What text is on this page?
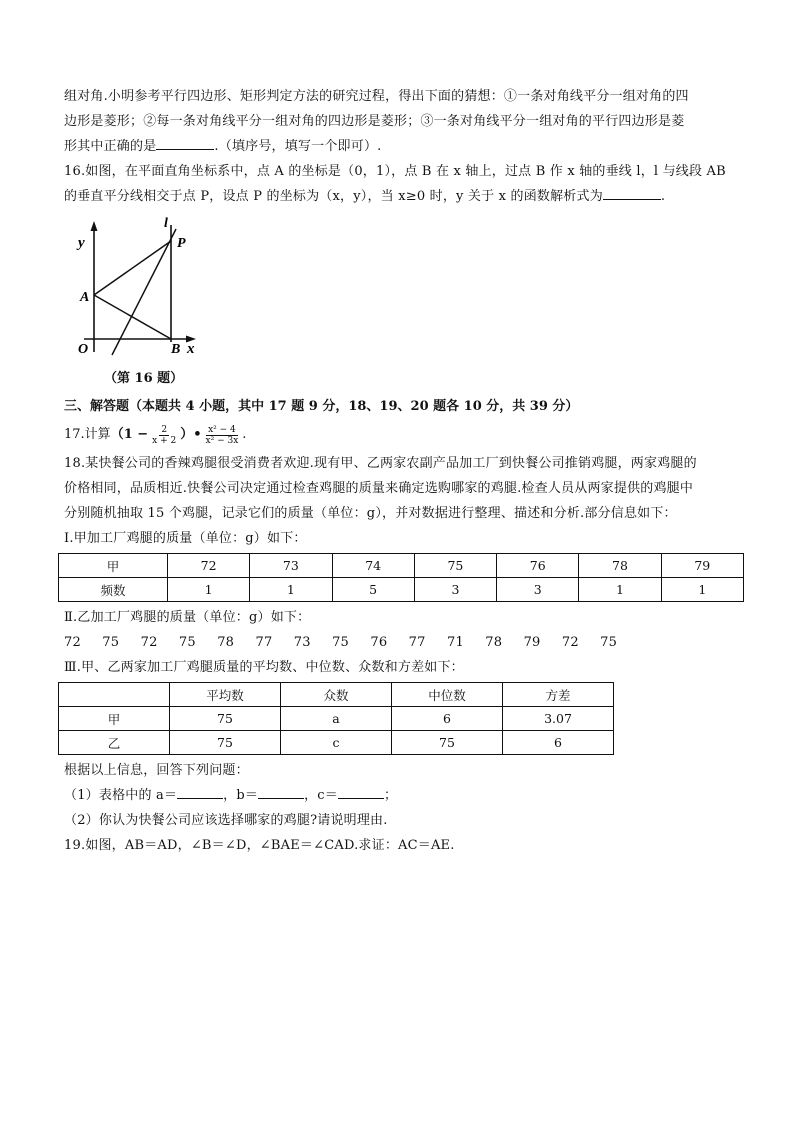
组对角.小明参考平行四边形、矩形判定方法的研究过程，得出下面的猜想：①一条对角线平分一组对角的四

边形是菱形；②每一条对角线平分一组对角的四边形是菱形；③一条对角线平分一组对角的平行四边形是菱

形其中正确的是	.（填序号，填写一个即可）.

16.如图，在平面直角坐标系中，点 A 的坐标是（0，1），点 B 在 x 轴上，过点 B 作 x 轴的垂线 l，l 与线段 AB

的垂直平分线相交于点 P，设点 P 的坐标为（x，y），当 x≥0 时，y 关于 x 的函数解析式为	.

y
A
O	B x
P
l
（第 16 题）
三、解答题（本题共 4 小题，其中 17 题 9 分，18、19、20 题各 10 分，共 39 分）
17.计算 （$1 - \frac{2}{x + 2}$ ）• $\frac{\text{x² − 4}}{\text{x² − 3x}}$ .

18.某快餐公司的香辣鸡腿很受消费者欢迎.现有甲、乙两家农副产品加工厂到快餐公司推销鸡腿，两家鸡腿的

价格相同，品质相近.快餐公司决定通过检查鸡腿的质量来确定选购哪家的鸡腿.检查人员从两家提供的鸡腿中

分别随机抽取 15 个鸡腿，记录它们的质量（单位：g），并对数据进行整理、描述和分析.部分信息如下：

Ⅰ.甲加工厂鸡腿的质量（单位：g）如下：

甲	72	73	74	75	76	78	79
频数	1	1	5	3	3	1	1

Ⅱ.乙加工厂鸡腿的质量（单位：g）如下：

72 75 72 75 78 77 73 75 76 77 71 78 79 72 75

Ⅲ.甲、乙两家加工厂鸡腿质量的平均数、中位数、众数和方差如下：

	平均数	众数	中位数	方差
甲	75	a	6	3.07
乙	75	c	75	6

根据以上信息，回答下列问题：

（1）表格中的 a＝	，b＝	，c＝	；

（2）你认为快餐公司应该选择哪家的鸡腿?请说明理由.

19.如图，AB＝AD，∠B＝∠D，∠BAE＝∠CAD.求证：AC＝AE.
